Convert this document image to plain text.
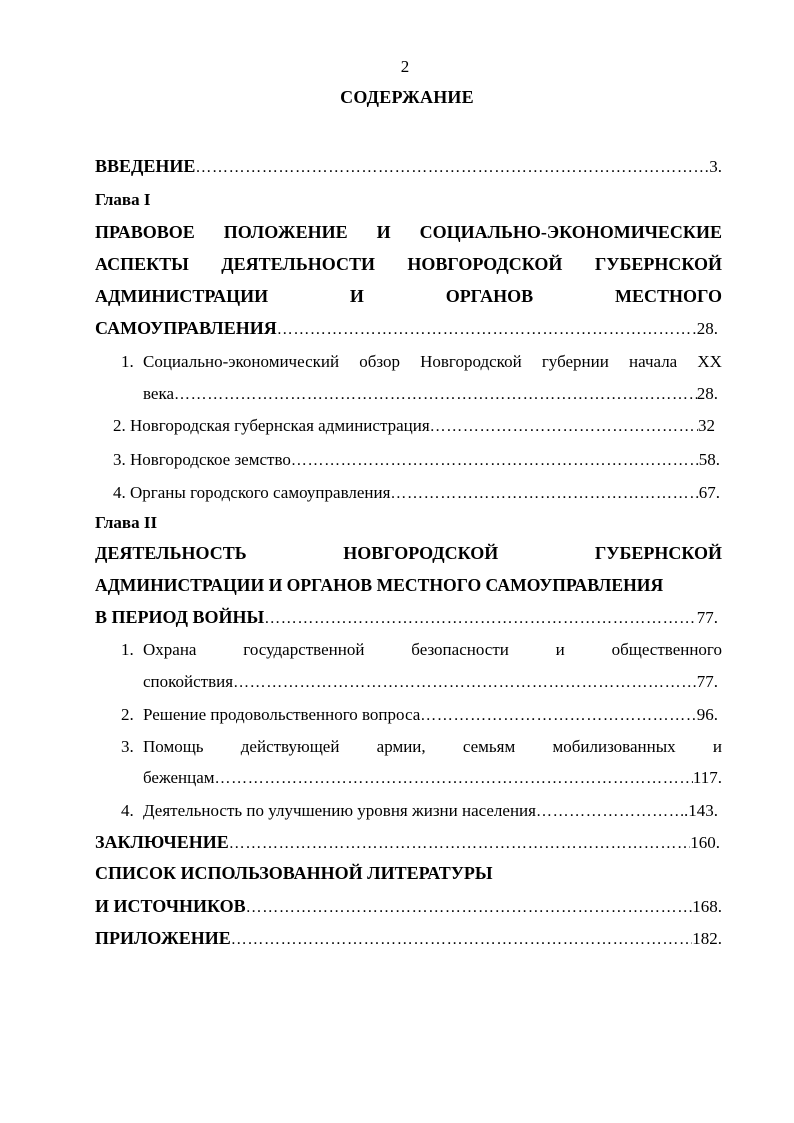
2
СОДЕРЖАНИЕ
ВВЕДЕНИЕ …………………………………………………………………………………………………………………………………………………………………	3.
Глава I
ПРАВОВОЕ ПОЛОЖЕНИЕ И СОЦИАЛЬНО-ЭКОНОМИЧЕСКИЕ
АСПЕКТЫ ДЕЯТЕЛЬНОСТИ НОВГОРОДСКОЙ ГУБЕРНСКОЙ
АДМИНИСТРАЦИИ	И	ОРГАНОВ	МЕСТНОГО
САМОУПРАВЛЕНИЯ …………………………………………………………………………………………………………………………………………………………………	28.
1. Социально-экономический обзор Новгородской губернии начала XX
века …………………………………………………………………………………………………………………………………………………………………	28.
2. Новгородская губернская администрация …………………………………………………………………………………………………………………………………………………………………	32
3. Новгородское земство …………………………………………………………………………………………………………………………………………………………………	58.
4. Органы городского самоуправления …………………………………………………………………………………………………………………………………………………………………	67.
Глава II
ДЕЯТЕЛЬНОСТЬ	НОВГОРОДСКОЙ	ГУБЕРНСКОЙ
АДМИНИСТРАЦИИ И ОРГАНОВ МЕСТНОГО САМОУПРАВЛЕНИЯ
В ПЕРИОД ВОЙНЫ …………………………………………………………………………………………………………………………………………………………………	77.
1. Охрана	государственной	безопасности	и	общественного
спокойствия …………………………………………………………………………………………………………………………………………………………………	77.
2. Решение продовольственного вопроса …………………………………………………………………………………………………………………………………………………………………	96.
3. Помощь действующей армии, семьям мобилизованных и
беженцам …………………………………………………………………………………………………………………………………………………………………	117.
4. Деятельность по улучшению уровня жизни населения …………………………………………………………………………………………………………………………………………………………………	.143.
ЗАКЛЮЧЕНИЕ …………………………………………………………………………………………………………………………………………………………………	160.
СПИСОК ИСПОЛЬЗОВАННОЙ ЛИТЕРАТУРЫ
И ИСТОЧНИКОВ …………………………………………………………………………………………………………………………………………………………………	168.
ПРИЛОЖЕНИЕ …………………………………………………………………………………………………………………………………………………………………	182.
